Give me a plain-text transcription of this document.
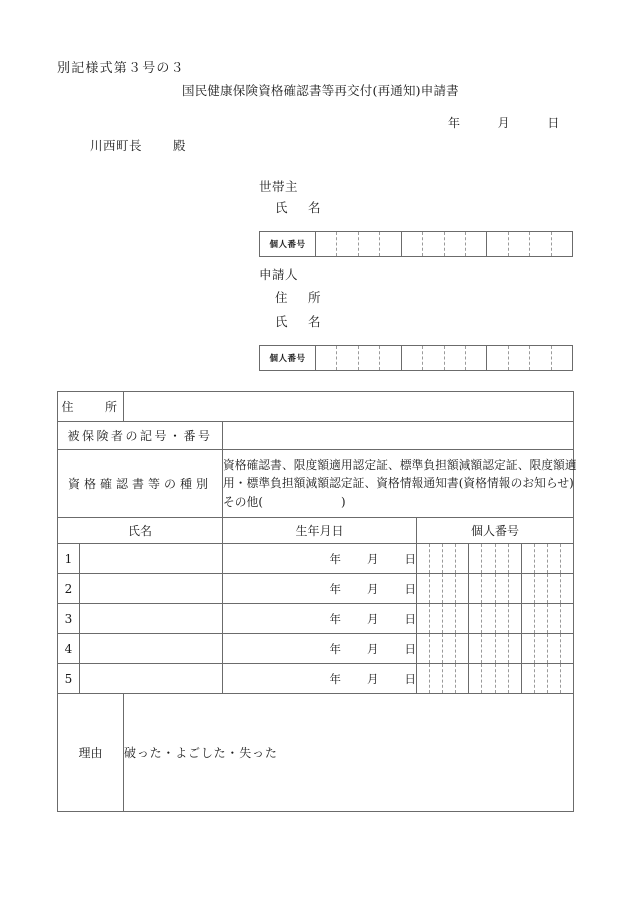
別記様式第３号の３
国民健康保険資格確認書等再交付(再通知)申請書
年	月	日
川西町長 殿
世帯主
氏 名
個人番号
申請人
住 所
氏 名
個人番号
住　　所				
被保険者の記号・番号				
資格確認書等の種別			資格確認書、限度額適用認定証、標準負担額減額認定証、限度額適
用・標準負担額減額認定証、資格情報通知書(資格情報のお知らせ)
その他( )	

氏名			生年月日	個人番号
1			年 月 日	

2			年 月 日	

3			年 月 日	

4			年 月 日	

5			年 月 日	

理由		破った・よごした・失った		
